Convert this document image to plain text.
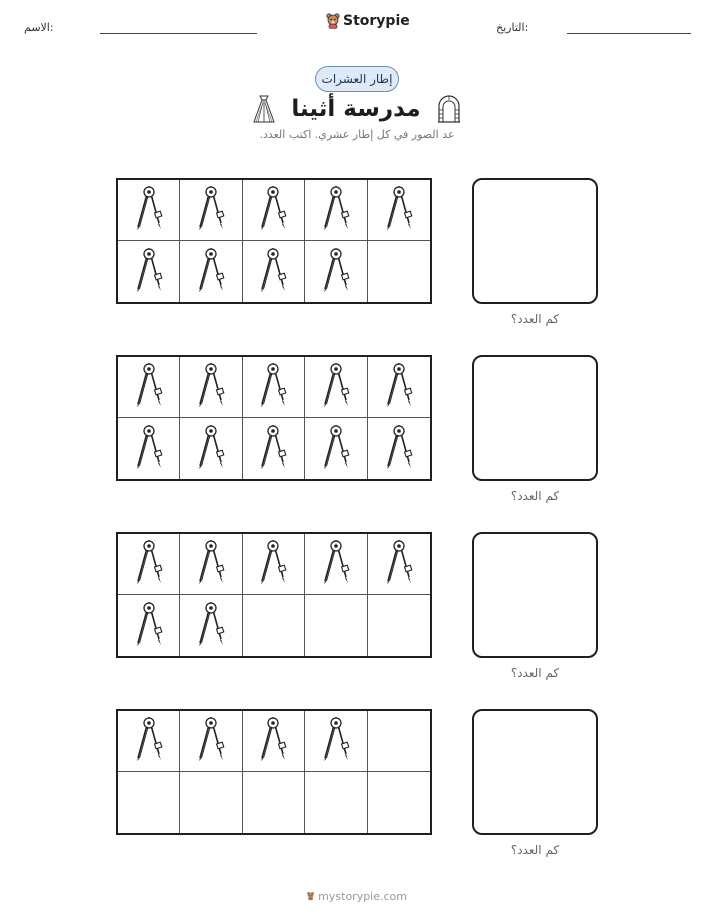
الاسم:	Storypie	التاريخ:
إطار العشرات
مدرسة أثينا
عد الصور في كل إطار عشري. اكتب العدد.
كم العدد؟
كم العدد؟
كم العدد؟
كم العدد؟
mystorypie.com
